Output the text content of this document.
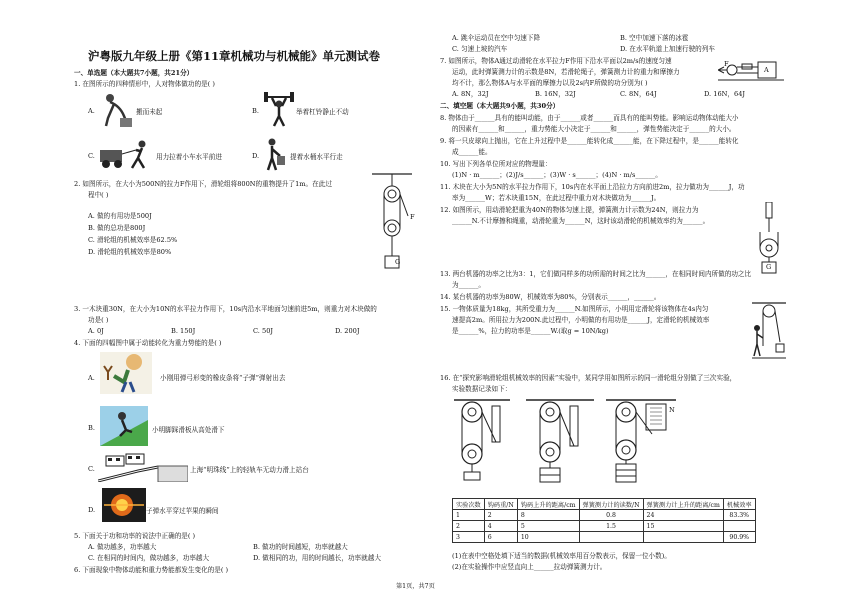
沪粤版九年级上册《第11章机械功与机械能》单元测试卷
一、单选题（本大题共7小题，共21分）
1. 在图所示的四种情形中，人对物体做功的是( )
A.	搬而未起	B.	举着杠铃静止不动
C.	用力拉着小车水平前进	D.	提着水桶水平行走
2. 如图所示，在大小为500N的拉力F作用下，滑轮组将800N的重物提升了1m。在此过
程中( )
A. 做的有用功是500J
B. 做的总功是800J
C. 滑轮组的机械效率是62.5%
D. 滑轮组的机械效率是80%
F
G
3. 一木块重30N，在大小为10N的水平拉力作用下，10s内沿水平地面匀速前进5m，则重力对木块做的
功是( )
A. 0J	B. 150J	C. 50J	D. 200J
4. 下面的四幅图中属于动能转化为重力势能的是( )
A.	小刚用弹弓形变的橡皮条将“子弹”弹射出去
B.	小明脚踩滑板从高处滑下
C.	上海“明珠线”上的轻轨车无动力滑上站台
D.	子弹水平穿过苹果的瞬间
5. 下面关于功和功率的说法中正确的是( )
A. 做功越多，功率越大	B. 做功的时间越短，功率就越大
C. 在相同的时间内，做功越多，功率越大	D. 做相同的功，用的时间越长，功率就越大
6. 下面现象中物体动能和重力势能都发生变化的是( )
A. 跳伞运动员在空中匀速下降	B. 空中加速下落的冰雹
C. 匀速上坡的汽车	D. 在水平轨道上加速行驶的列车
7. 如图所示，物体A通过动滑轮在水平拉力F作用下沿水平面以2m/s的速度匀速
运动，此时弹簧测力计的示数是8N，若滑轮绳子，弹簧测力计的重力和摩擦力
均不计，那么物体A与水平面的摩擦力以及2s内F所做的功分别为( )
A. 8N，32J	B. 16N，32J	C. 8N，64J	D. 16N，64J
F
A
二、填空题（本大题共9小题，共30分）
8. 物体由于______具有的能叫动能，由于______或者______而具有的能叫势能。影响运动物体动能大小
的因素有______和______，重力势能大小决定于______和______，弹性势能决定于______的大小。
9. 将一只皮球向上抛出，它在上升过程中是______能转化成______能，在下降过程中，是______能转化
成______能。
10. 写出下列各单位所对应的物理量：
(1)N · m______；(2)J/s______；(3)W · s______；(4)N · m/s______。
11. 木块在大小为5N的水平拉力作用下，10s内在水平面上沿拉力方向前进2m，拉力做功为______J，功
率为______W；若木块重15N，在此过程中重力对木块做功为______J。
12. 如图所示，用动滑轮把重为40N的物体匀速上提，弹簧测力计示数为24N，则拉力为
______N.不计摩擦和绳重，动滑轮重为______N，这时该动滑轮的机械效率约为______。
G
13. 两台机器的功率之比为3：1，它们做同样多的功所需的时间之比为______，在相同时间内所做的功之比
为______。
14. 某台机器的功率为80W，机械效率为80%，分别表示______，______。
15. 一物体质量为18kg，其所受重力为______N.如图所示，小明用定滑轮将该物体在4s内匀
速提高2m。所用拉力为200N.此过程中，小明做的有用功是______J，定滑轮的机械效率
是______%，拉力的功率是______W.(取g = 10N/kg)
16. 在“探究影响滑轮组机械效率的因素”实验中，某同学用如图所示的同一滑轮组分别做了三次实验，
实验数据记录如下：
N
实验次数	钩码重/N	钩码上升的距离/cm	弹簧测力计的读数/N	弹簧测力计上升的距离/cm	机械效率
1	2	8	0.8	24	83.3%
2	4	5	1.5	15	
3	6	10			90.9%
(1)在表中空格处填下适当的数据(机械效率用百分数表示，保留一位小数)。
(2)在实验操作中应竖直向上______拉动弹簧测力计。
第1页，共7页
